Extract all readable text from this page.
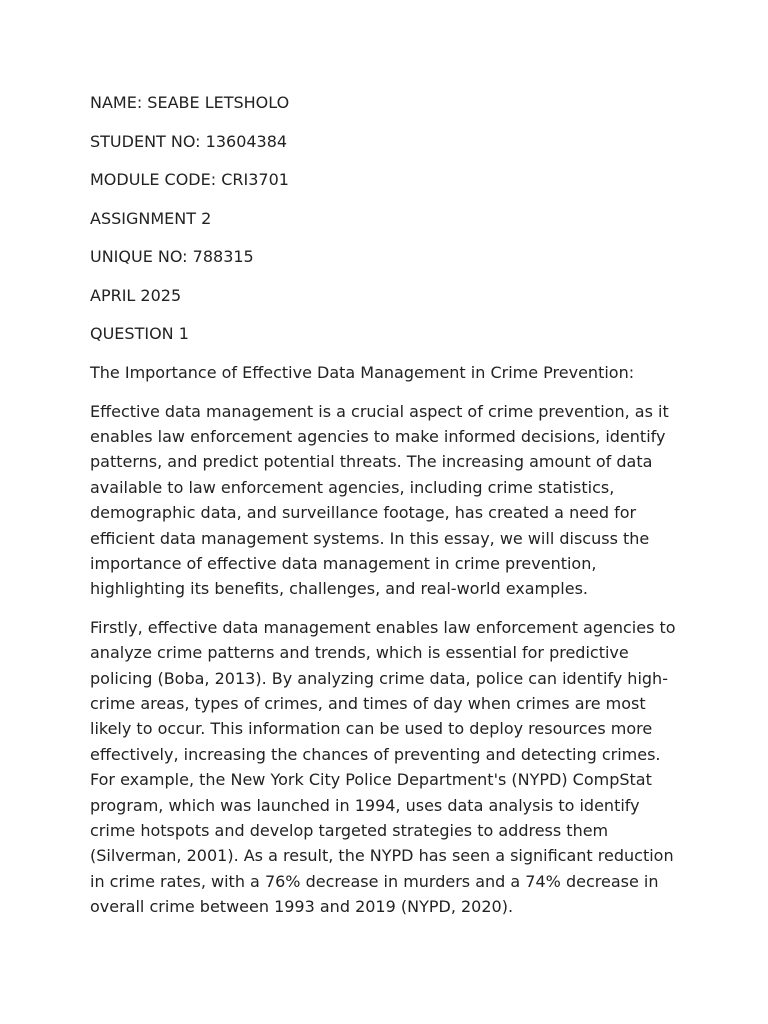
NAME: SEABE LETSHOLO
STUDENT NO: 13604384
MODULE CODE: CRI3701
ASSIGNMENT 2
UNIQUE NO: 788315
APRIL 2025
QUESTION 1
The Importance of Effective Data Management in Crime Prevention:

Effective data management is a crucial aspect of crime prevention, as it enables law enforcement agencies to make informed decisions, identify patterns, and predict potential threats. The increasing amount of data available to law enforcement agencies, including crime statistics, demographic data, and surveillance footage, has created a need for efficient data management systems. In this essay, we will discuss the importance of effective data management in crime prevention, highlighting its benefits, challenges, and real-world examples.

Firstly, effective data management enables law enforcement agencies to analyze crime patterns and trends, which is essential for predictive policing (Boba, 2013). By analyzing crime data, police can identify high-crime areas, types of crimes, and times of day when crimes are most likely to occur. This information can be used to deploy resources more effectively, increasing the chances of preventing and detecting crimes. For example, the New York City Police Department's (NYPD) CompStat program, which was launched in 1994, uses data analysis to identify crime hotspots and develop targeted strategies to address them (Silverman, 2001). As a result, the NYPD has seen a significant reduction in crime rates, with a 76% decrease in murders and a 74% decrease in overall crime between 1993 and 2019 (NYPD, 2020).
